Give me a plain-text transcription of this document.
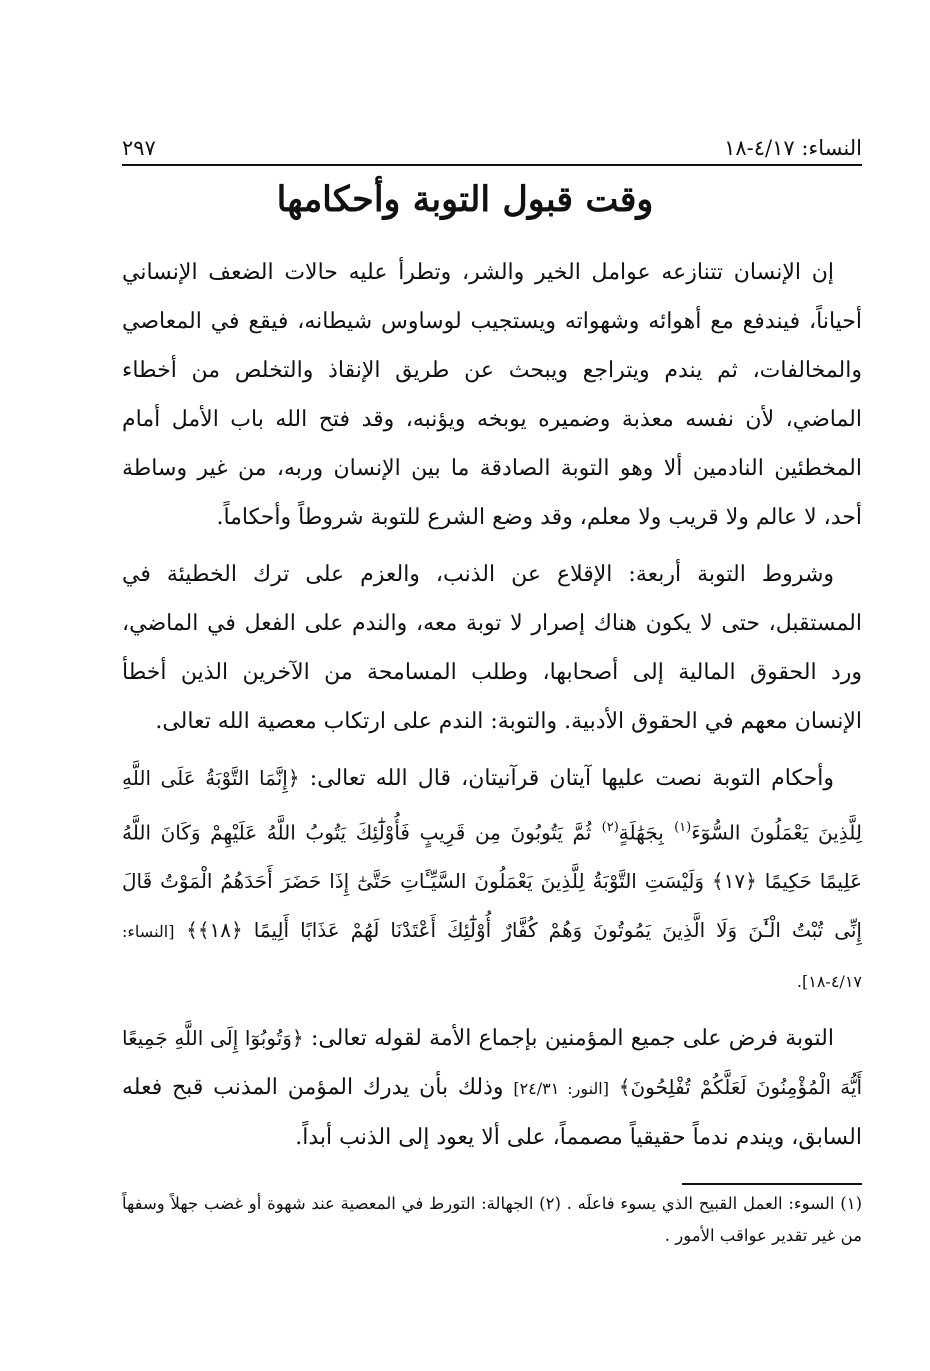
النساء: ٤/١٧-١٨
٢٩٧
وقت قبول التوبة وأحكامها

إن الإنسان تتنازعه عوامل الخير والشر، وتطرأ عليه حالات الضعف الإنساني أحياناً، فيندفع مع أهوائه وشهواته ويستجيب لوساوس شيطانه، فيقع في المعاصي والمخالفات، ثم يندم ويتراجع ويبحث عن طريق الإنقاذ والتخلص من أخطاء الماضي، لأن نفسه معذبة وضميره يوبخه ويؤنبه، وقد فتح الله باب الأمل أمام المخطئين النادمين ألا وهو التوبة الصادقة ما بين الإنسان وربه، من غير وساطة أحد، لا عالم ولا قريب ولا معلم، وقد وضع الشرع للتوبة شروطاً وأحكاماً.

وشروط التوبة أربعة: الإقلاع عن الذنب، والعزم على ترك الخطيئة في المستقبل، حتى لا يكون هناك إصرار لا توبة معه، والندم على الفعل في الماضي، ورد الحقوق المالية إلى أصحابها، وطلب المسامحة من الآخرين الذين أخطأ الإنسان معهم في الحقوق الأدبية. والتوبة: الندم على ارتكاب معصية الله تعالى.

وأحكام التوبة نصت عليها آيتان قرآنيتان، قال الله تعالى: ﴿إِنَّمَا التَّوْبَةُ عَلَى اللَّهِ لِلَّذِينَ يَعْمَلُونَ السُّوٓءَ$^{(١)}$ بِجَهَٰلَةٍ$^{(٢)}$ ثُمَّ يَتُوبُونَ مِن قَرِيبٍ فَأُوْلَٰٓئِكَ يَتُوبُ اللَّهُ عَلَيْهِمْ وَكَانَ اللَّهُ عَلِيمًا حَكِيمًا ﴿١٧﴾ وَلَيْسَتِ التَّوْبَةُ لِلَّذِينَ يَعْمَلُونَ السَّيِّـَٔاتِ حَتَّىٰٓ إِذَا حَضَرَ أَحَدَهُمُ الْمَوْتُ قَالَ إِنِّى تُبْتُ الْـَٰٔنَ وَلَا الَّذِينَ يَمُوتُونَ وَهُمْ كُفَّارٌ أُوْلَٰٓئِكَ أَعْتَدْنَا لَهُمْ عَذَابًا أَلِيمًا ﴿١٨﴾﴾ [النساء: ٤/١٧-١٨].

التوبة فرض على جميع المؤمنين بإجماع الأمة لقوله تعالى: ﴿وَتُوبُوٓا إِلَى اللَّهِ جَمِيعًا أَيُّهَ الْمُؤْمِنُونَ لَعَلَّكُمْ تُفْلِحُونَ﴾ [النور: ٢٤/٣١] وذلك بأن يدرك المؤمن المذنب قبح فعله السابق، ويندم ندماً حقيقياً مصمماً، على ألا يعود إلى الذنب أبداً.

(١) السوء: العمل القبيح الذي يسوء فاعلَه . (٢) الجهالة: التورط في المعصية عند شهوة أو غضب جهلاً وسفهاً من غير تقدير عواقب الأمور .
